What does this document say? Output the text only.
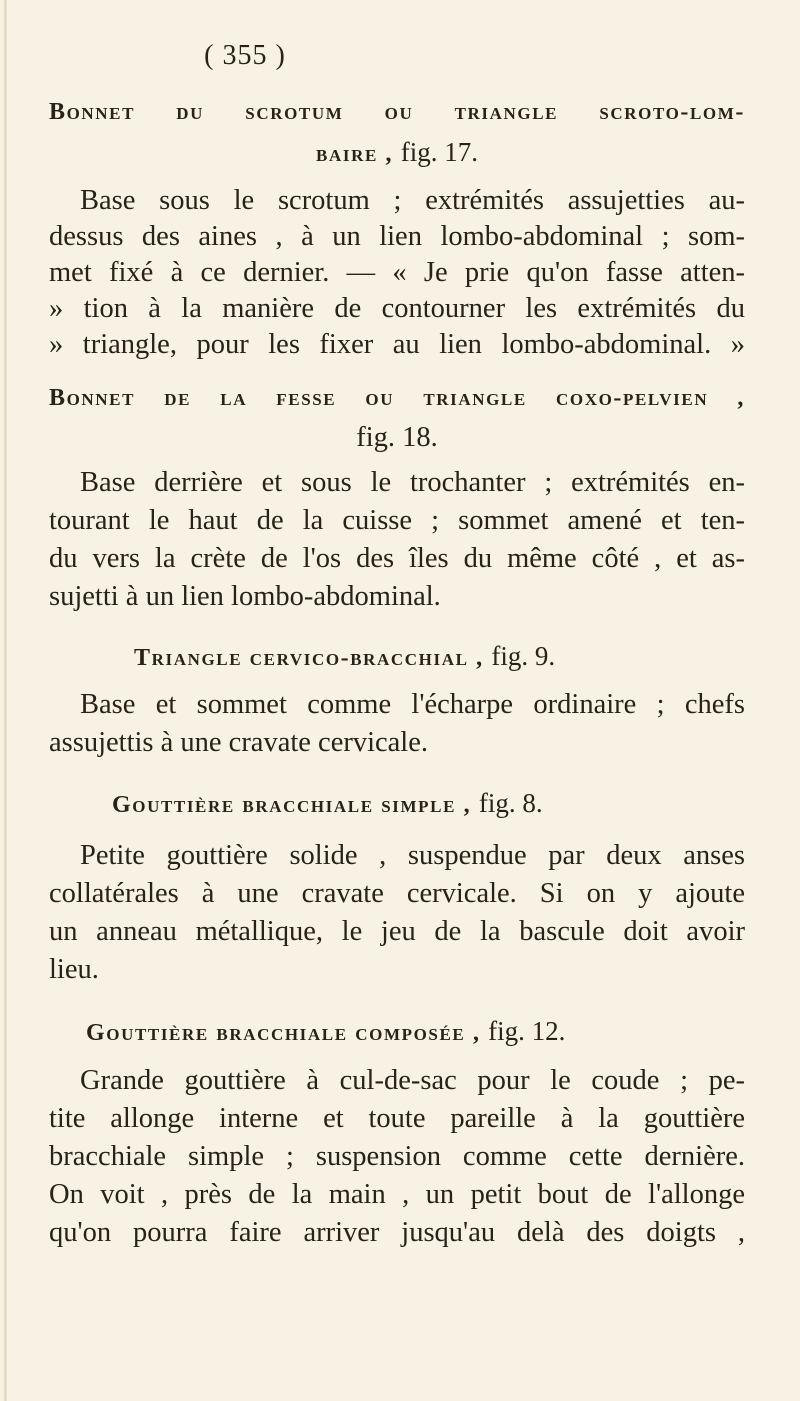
( 355 )
Bonnet du scrotum ou triangle scroto-lom-
baire , fig. 17.
Base sous le scrotum ; extrémités assujetties au-
dessus des aines , à un lien lombo-abdominal ; som-
met fixé à ce dernier. — « Je prie qu'on fasse atten-
» tion à la manière de contourner les extrémités du
» triangle, pour les fixer au lien lombo-abdominal. »
Bonnet de la fesse ou triangle coxo-pelvien ,
fig. 18.
Base derrière et sous le trochanter ; extrémités en-
tourant le haut de la cuisse ; sommet amené et ten-
du vers la crète de l'os des îles du même côté , et as-
sujetti à un lien lombo-abdominal.
Triangle cervico-bracchial , fig. 9.
Base et sommet comme l'écharpe ordinaire ; chefs
assujettis à une cravate cervicale.
Gouttière bracchiale simple , fig. 8.
Petite gouttière solide , suspendue par deux anses
collatérales à une cravate cervicale. Si on y ajoute
un anneau métallique, le jeu de la bascule doit avoir
lieu.
Gouttière bracchiale composée , fig. 12.
Grande gouttière à cul-de-sac pour le coude ; pe-
tite allonge interne et toute pareille à la gouttière
bracchiale simple ; suspension comme cette dernière.
On voit , près de la main , un petit bout de l'allonge
qu'on pourra faire arriver jusqu'au delà des doigts ,
